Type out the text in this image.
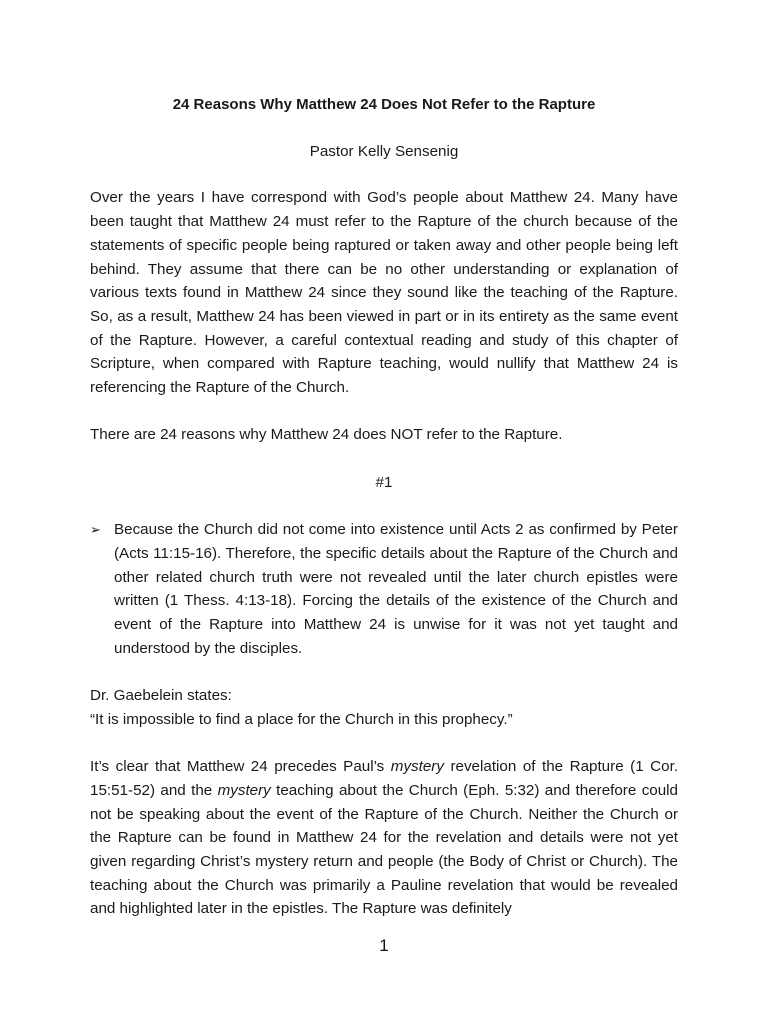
24 Reasons Why Matthew 24 Does Not Refer to the Rapture
Pastor Kelly Sensenig

Over the years I have correspond with God’s people about Matthew 24. Many have been taught that Matthew 24 must refer to the Rapture of the church because of the statements of specific people being raptured or taken away and other people being left behind. They assume that there can be no other understanding or explanation of various texts found in Matthew 24 since they sound like the teaching of the Rapture. So, as a result, Matthew 24 has been viewed in part or in its entirety as the same event of the Rapture. However, a careful contextual reading and study of this chapter of Scripture, when compared with Rapture teaching, would nullify that Matthew 24 is referencing the Rapture of the Church.

There are 24 reasons why Matthew 24 does NOT refer to the Rapture.

#1

➢ Because the Church did not come into existence until Acts 2 as confirmed by Peter (Acts 11:15-16). Therefore, the specific details about the Rapture of the Church and other related church truth were not revealed until the later church epistles were written (1 Thess. 4:13-18). Forcing the details of the existence of the Church and event of the Rapture into Matthew 24 is unwise for it was not yet taught and understood by the disciples.

Dr. Gaebelein states:

“It is impossible to find a place for the Church in this prophecy.”

It’s clear that Matthew 24 precedes Paul’s mystery revelation of the Rapture (1 Cor. 15:51-52) and the mystery teaching about the Church (Eph. 5:32) and therefore could not be speaking about the event of the Rapture of the Church. Neither the Church or the Rapture can be found in Matthew 24 for the revelation and details were not yet given regarding Christ’s mystery return and people (the Body of Christ or Church). The teaching about the Church was primarily a Pauline revelation that would be revealed and highlighted later in the epistles. The Rapture was definitely

1
